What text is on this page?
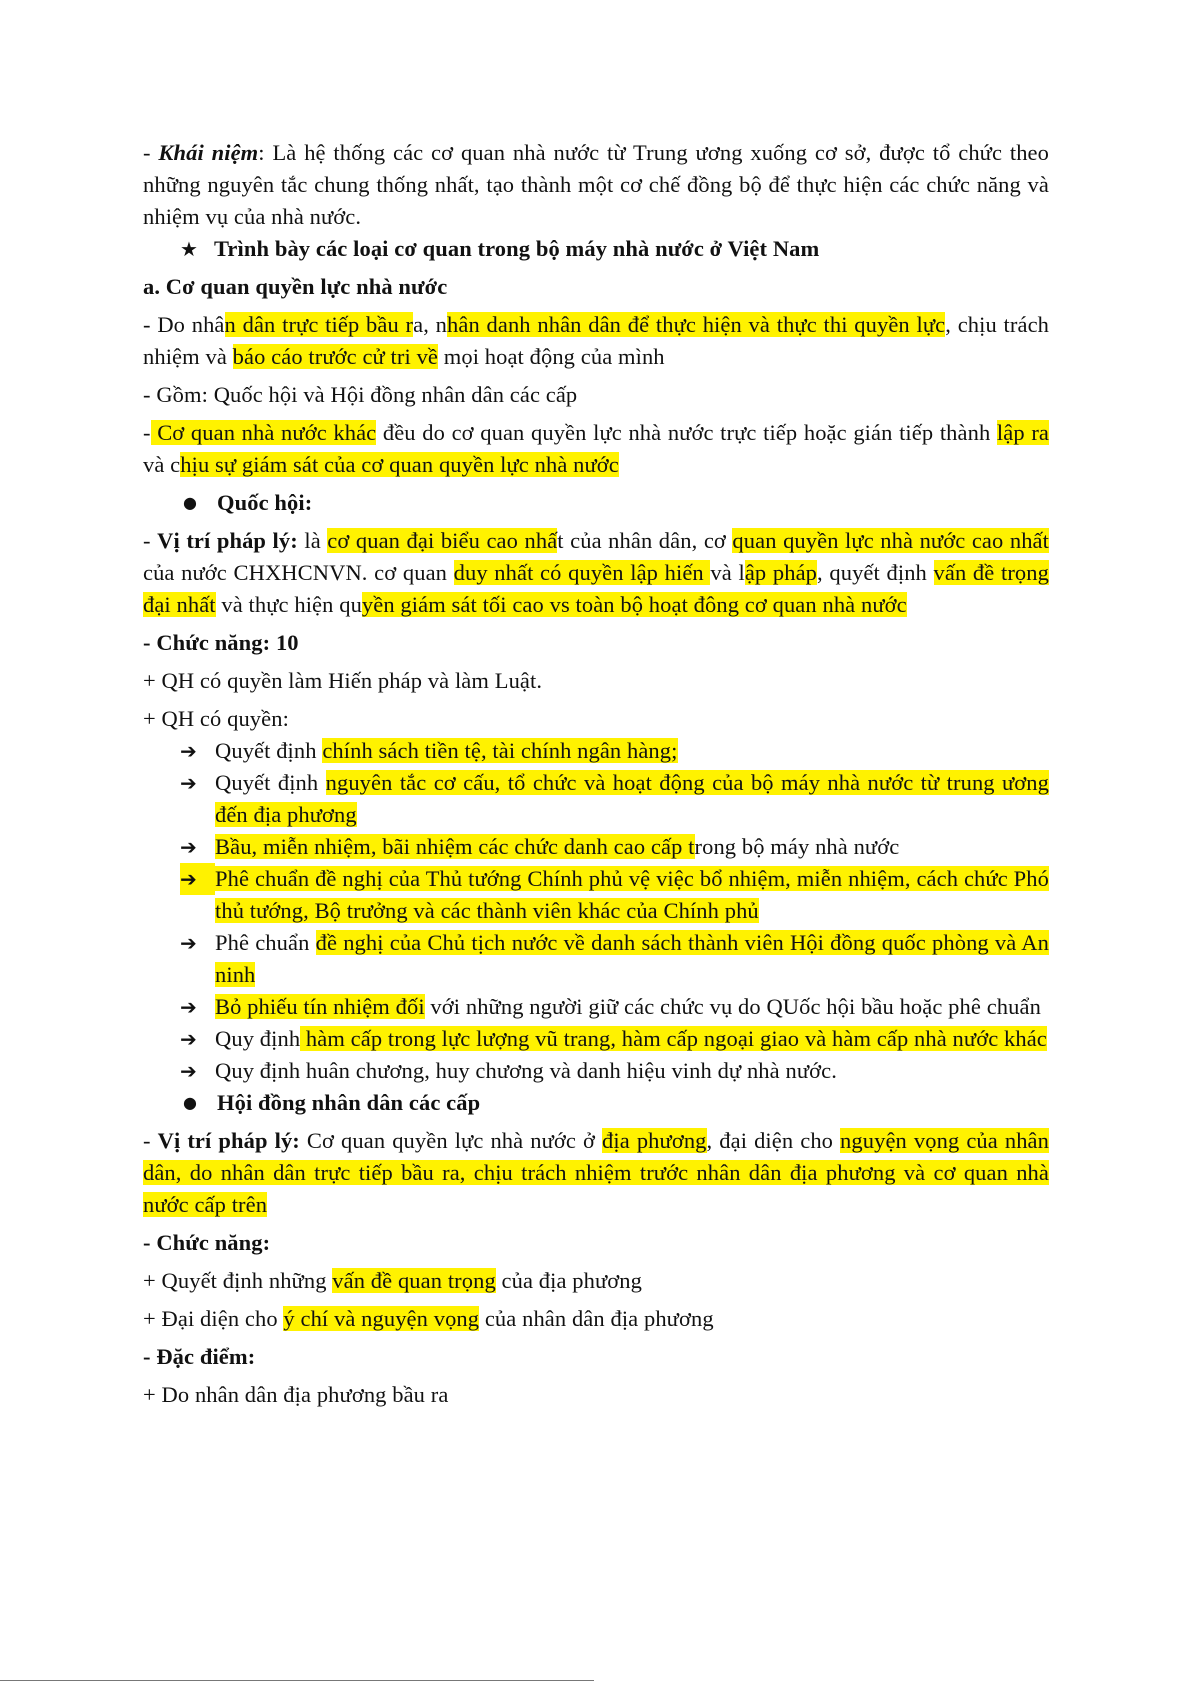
- Khái niệm: Là hệ thống các cơ quan nhà nước từ Trung ương xuống cơ sở, được tổ chức theo những nguyên tắc chung thống nhất, tạo thành một cơ chế đồng bộ để thực hiện các chức năng và nhiệm vụ của nhà nước.

★ Trình bày các loại cơ quan trong bộ máy nhà nước ở Việt Nam

a. Cơ quan quyền lực nhà nước

- Do nhân dân trực tiếp bầu ra, nhân danh nhân dân để thực hiện và thực thi quyền lực, chịu trách nhiệm và báo cáo trước cử tri về mọi hoạt động của mình

- Gồm: Quốc hội và Hội đồng nhân dân các cấp

- Cơ quan nhà nước khác đều do cơ quan quyền lực nhà nước trực tiếp hoặc gián tiếp thành lập ra và chịu sự giám sát của cơ quan quyền lực nhà nước

● Quốc hội:

- Vị trí pháp lý: là cơ quan đại biểu cao nhất của nhân dân, cơ quan quyền lực nhà nước cao nhất của nước CHXHCNVN. cơ quan duy nhất có quyền lập hiến và lập pháp, quyết định vấn đề trọng đại nhất và thực hiện quyền giám sát tối cao vs toàn bộ hoạt đông cơ quan nhà nước

- Chức năng: 10

+ QH có quyền làm Hiến pháp và làm Luật.

+ QH có quyền:

➔ Quyết định chính sách tiền tệ, tài chính ngân hàng;
➔ Quyết định nguyên tắc cơ cấu, tổ chức và hoạt động của bộ máy nhà nước từ trung ương đến địa phương
➔ Bầu, miễn nhiệm, bãi nhiệm các chức danh cao cấp trong bộ máy nhà nước
➔ Phê chuẩn đề nghị của Thủ tướng Chính phủ vệ việc bổ nhiệm, miễn nhiệm, cách chức Phó thủ tướng, Bộ trưởng và các thành viên khác của Chính phủ
➔ Phê chuẩn đề nghị của Chủ tịch nước về danh sách thành viên Hội đồng quốc phòng và An ninh
➔ Bỏ phiếu tín nhiệm đối với những người giữ các chức vụ do QUốc hội bầu hoặc phê chuẩn
➔ Quy định hàm cấp trong lực lượng vũ trang, hàm cấp ngoại giao và hàm cấp nhà nước khác
➔ Quy định huân chương, huy chương và danh hiệu vinh dự nhà nước.
● Hội đồng nhân dân các cấp

- Vị trí pháp lý: Cơ quan quyền lực nhà nước ở địa phương, đại diện cho nguyện vọng của nhân dân, do nhân dân trực tiếp bầu ra, chịu trách nhiệm trước nhân dân địa phương và cơ quan nhà nước cấp trên

- Chức năng:

+ Quyết định những vấn đề quan trọng của địa phương

+ Đại diện cho ý chí và nguyện vọng của nhân dân địa phương

- Đặc điểm:

+ Do nhân dân địa phương bầu ra
